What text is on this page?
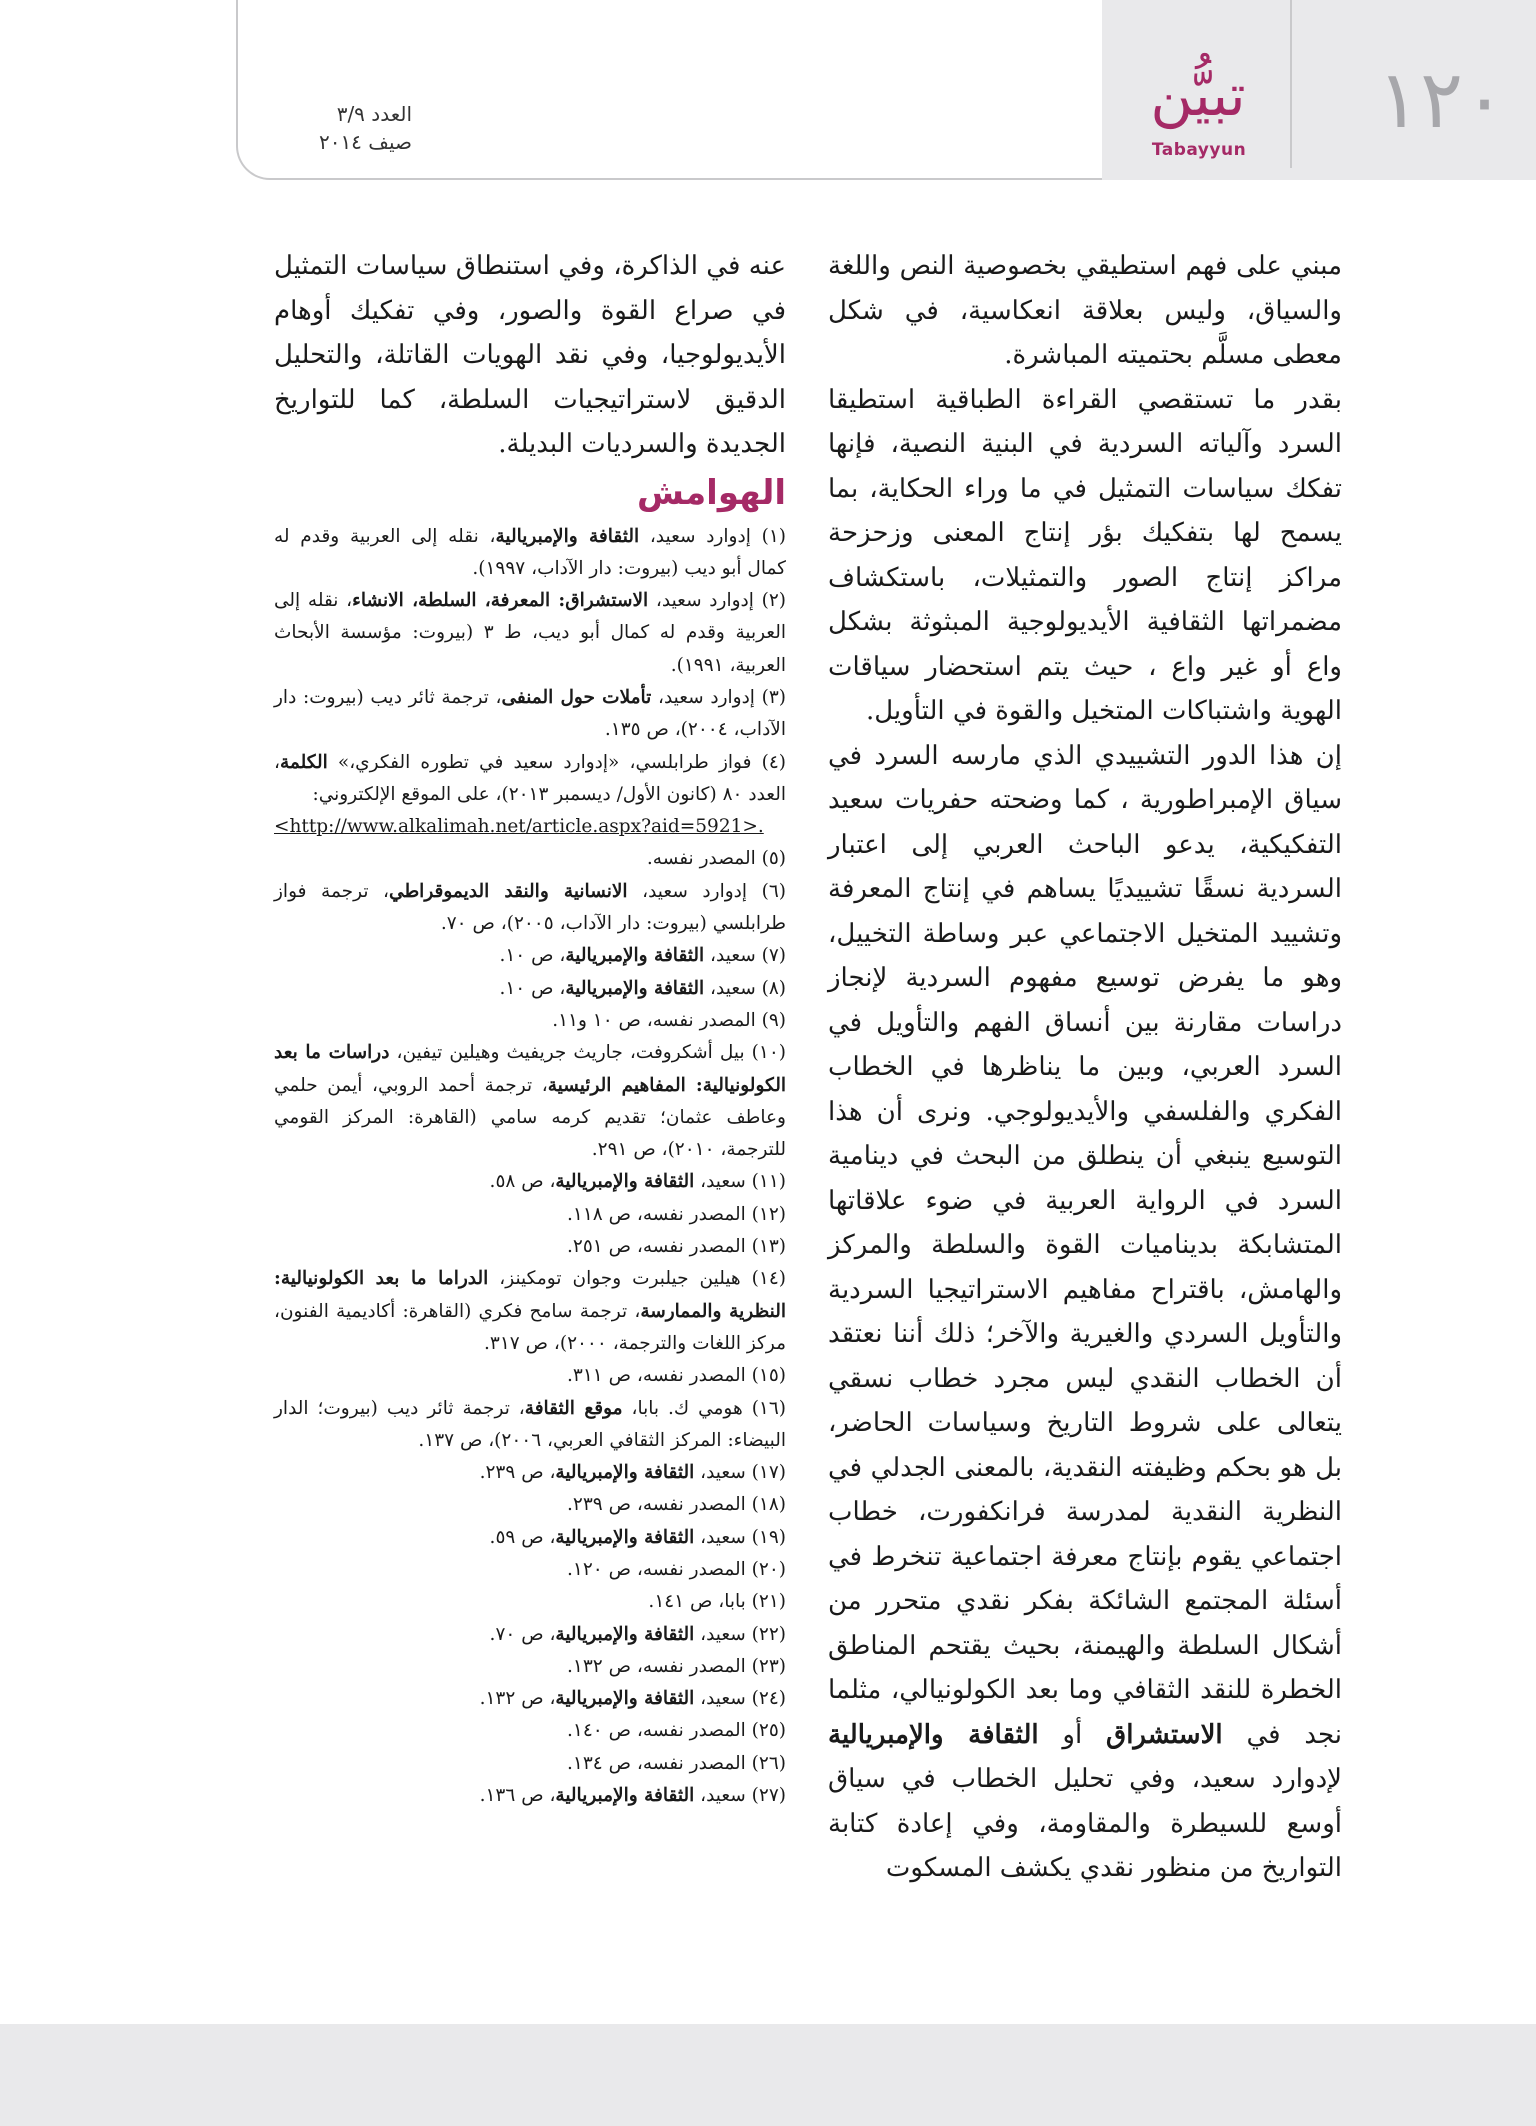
١٢٠
تبيُّن
Tabayyun
العدد ٣/٩
صيف ٢٠١٤

مبني على فهم استطيقي بخصوصية النص واللغة والسياق، وليس بعلاقة انعكاسية، في شكل معطى مسلَّم بحتميته المباشرة.

بقدر ما تستقصي القراءة الطباقية استطيقا السرد وآلياته السردية في البنية النصية، فإنها تفكك سياسات التمثيل في ما وراء الحكاية، بما يسمح لها بتفكيك بؤر إنتاج المعنى وزحزحة مراكز إنتاج الصور والتمثيلات، باستكشاف مضمراتها الثقافية الأيديولوجية المبثوثة بشكل واع أو غير واع ، حيث يتم استحضار سياقات الهوية واشتباكات المتخيل والقوة في التأويل.

إن هذا الدور التشييدي الذي مارسه السرد في سياق الإمبراطورية ، كما وضحته حفريات سعيد التفكيكية، يدعو الباحث العربي إلى اعتبار السردية نسقًا تشييديًا يساهم في إنتاج المعرفة وتشييد المتخيل الاجتماعي عبر وساطة التخييل، وهو ما يفرض توسيع مفهوم السردية لإنجاز دراسات مقارنة بين أنساق الفهم والتأويل في السرد العربي، وبين ما يناظرها في الخطاب الفكري والفلسفي والأيديولوجي. ونرى أن هذا التوسيع ينبغي أن ينطلق من البحث في دينامية السرد في الرواية العربية في ضوء علاقاتها المتشابكة بديناميات القوة والسلطة والمركز والهامش، باقتراح مفاهيم الاستراتيجيا السردية والتأويل السردي والغيرية والآخر؛ ذلك أننا نعتقد أن الخطاب النقدي ليس مجرد خطاب نسقي يتعالى على شروط التاريخ وسياسات الحاضر، بل هو بحكم وظيفته النقدية، بالمعنى الجدلي في النظرية النقدية لمدرسة فرانكفورت، خطاب اجتماعي يقوم بإنتاج معرفة اجتماعية تنخرط في أسئلة المجتمع الشائكة بفكر نقدي متحرر من أشكال السلطة والهيمنة، بحيث يقتحم المناطق الخطرة للنقد الثقافي وما بعد الكولونيالي، مثلما نجد في الاستشراق أو الثقافة والإمبريالية لإدوارد سعيد، وفي تحليل الخطاب في سياق أوسع للسيطرة والمقاومة، وفي إعادة كتابة التواريخ من منظور نقدي يكشف المسكوت

عنه في الذاكرة، وفي استنطاق سياسات التمثيل في صراع القوة والصور، وفي تفكيك أوهام الأيديولوجيا، وفي نقد الهويات القاتلة، والتحليل الدقيق لاستراتيجيات السلطة، كما للتواريخ الجديدة والسرديات البديلة.

الهوامش
(١) إدوارد سعيد، الثقافة والإمبريالية، نقله إلى العربية وقدم له كمال أبو ديب (بيروت: دار الآداب، ١٩٩٧).
(٢) إدوارد سعيد، الاستشراق: المعرفة، السلطة، الانشاء، نقله إلى العربية وقدم له كمال أبو ديب، ط ٣ (بيروت: مؤسسة الأبحاث العربية، ١٩٩١).
(٣) إدوارد سعيد، تأملات حول المنفى، ترجمة ثائر ديب (بيروت: دار الآداب، ٢٠٠٤)، ص ١٣٥.
(٤) فواز طرابلسي، «إدوارد سعيد في تطوره الفكري،» الكلمة، العدد ٨٠ (كانون الأول/ ديسمبر ٢٠١٣)، على الموقع الإلكتروني:
<http://www.alkalimah.net/article.aspx?aid=5921>.
(٥) المصدر نفسه.
(٦) إدوارد سعيد، الانسانية والنقد الديموقراطي، ترجمة فواز طرابلسي (بيروت: دار الآداب، ٢٠٠٥)، ص ٧٠.
(٧) سعيد، الثقافة والإمبريالية، ص ١٠.
(٨) سعيد، الثقافة والإمبريالية، ص ١٠.
(٩) المصدر نفسه، ص ١٠ و١١.
(١٠) بيل أشكروفت، جاريث جريفيث وهيلين تيفين، دراسات ما بعد الكولونيالية: المفاهيم الرئيسية، ترجمة أحمد الروبي، أيمن حلمي وعاطف عثمان؛ تقديم كرمه سامي (القاهرة: المركز القومي للترجمة، ٢٠١٠)، ص ٢٩١.
(١١) سعيد، الثقافة والإمبريالية، ص ٥٨.
(١٢) المصدر نفسه، ص ١١٨.
(١٣) المصدر نفسه، ص ٢٥١.
(١٤) هيلين جيلبرت وجوان تومكينز، الدراما ما بعد الكولونيالية: النظرية والممارسة، ترجمة سامح فكري (القاهرة: أكاديمية الفنون، مركز اللغات والترجمة، ٢٠٠٠)، ص ٣١٧.
(١٥) المصدر نفسه، ص ٣١١.
(١٦) هومي ك. بابا، موقع الثقافة، ترجمة ثائر ديب (بيروت؛ الدار البيضاء: المركز الثقافي العربي، ٢٠٠٦)، ص ١٣٧.
(١٧) سعيد، الثقافة والإمبريالية، ص ٢٣٩.
(١٨) المصدر نفسه، ص ٢٣٩.
(١٩) سعيد، الثقافة والإمبريالية، ص ٥٩.
(٢٠) المصدر نفسه، ص ١٢٠.
(٢١) بابا، ص ١٤١.
(٢٢) سعيد، الثقافة والإمبريالية، ص ٧٠.
(٢٣) المصدر نفسه، ص ١٣٢.
(٢٤) سعيد، الثقافة والإمبريالية، ص ١٣٢.
(٢٥) المصدر نفسه، ص ١٤٠.
(٢٦) المصدر نفسه، ص ١٣٤.
(٢٧) سعيد، الثقافة والإمبريالية، ص ١٣٦.
